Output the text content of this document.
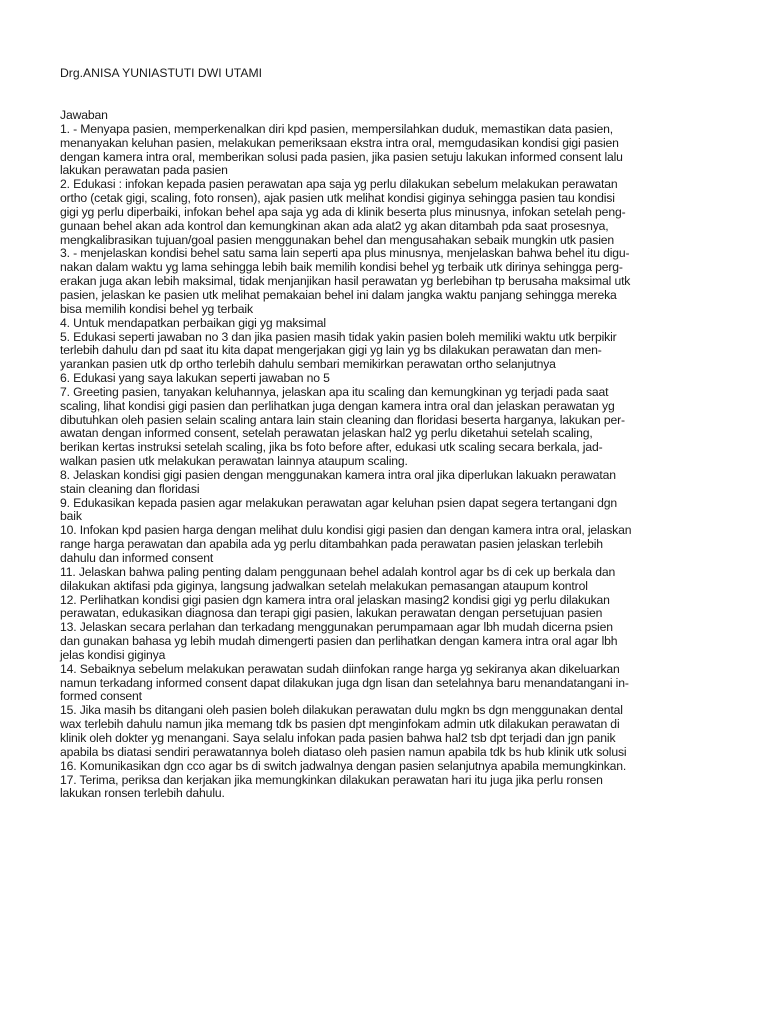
Drg.ANISA YUNIASTUTI DWI UTAMI
Jawaban
1. - Menyapa pasien, memperkenalkan diri kpd pasien, mempersilahkan duduk, memastikan data pasien,
menanyakan keluhan pasien, melakukan pemeriksaan ekstra intra oral, memgudasikan kondisi gigi pasien
dengan kamera intra oral, memberikan solusi pada pasien, jika pasien setuju lakukan informed consent lalu
lakukan perawatan pada pasien
2. Edukasi : infokan kepada pasien perawatan apa saja yg perlu dilakukan sebelum melakukan perawatan
ortho (cetak gigi, scaling, foto ronsen), ajak pasien utk melihat kondisi giginya sehingga pasien tau kondisi
gigi yg perlu diperbaiki, infokan behel apa saja yg ada di klinik beserta plus minusnya, infokan setelah peng-
gunaan behel akan ada kontrol dan kemungkinan akan ada alat2 yg akan ditambah pda saat prosesnya,
mengkalibrasikan tujuan/goal pasien menggunakan behel dan mengusahakan sebaik mungkin utk pasien
3. - menjelaskan kondisi behel satu sama lain seperti apa plus minusnya, menjelaskan bahwa behel itu digu-
nakan dalam waktu yg lama sehingga lebih baik memilih kondisi behel yg terbaik utk dirinya sehingga perg-
erakan juga akan lebih maksimal, tidak menjanjikan hasil perawatan yg berlebihan tp berusaha maksimal utk
pasien, jelaskan ke pasien utk melihat pemakaian behel ini dalam jangka waktu panjang sehingga mereka
bisa memilih kondisi behel yg terbaik
4. Untuk mendapatkan perbaikan gigi yg maksimal
5. Edukasi seperti jawaban no 3 dan jika pasien masih tidak yakin pasien boleh memiliki waktu utk berpikir
terlebih dahulu dan pd saat itu kita dapat mengerjakan gigi yg lain yg bs dilakukan perawatan dan men-
yarankan pasien utk dp ortho terlebih dahulu sembari memikirkan perawatan ortho selanjutnya
6. Edukasi yang saya lakukan seperti jawaban no 5
7. Greeting pasien, tanyakan keluhannya, jelaskan apa itu scaling dan kemungkinan yg terjadi pada saat
scaling, lihat kondisi gigi pasien dan perlihatkan juga dengan kamera intra oral dan jelaskan perawatan yg
dibutuhkan oleh pasien selain scaling antara lain stain cleaning dan floridasi beserta harganya, lakukan per-
awatan dengan informed consent, setelah perawatan jelaskan hal2 yg perlu diketahui setelah scaling,
berikan kertas instruksi setelah scaling, jika bs foto before after, edukasi utk scaling secara berkala, jad-
walkan pasien utk melakukan perawatan lainnya ataupum scaling.
8. Jelaskan kondisi gigi pasien dengan menggunakan kamera intra oral jika diperlukan lakuakn perawatan
stain cleaning dan floridasi
9. Edukasikan kepada pasien agar melakukan perawatan agar keluhan psien dapat segera tertangani dgn
baik
10. Infokan kpd pasien harga dengan melihat dulu kondisi gigi pasien dan dengan kamera intra oral, jelaskan
range harga perawatan dan apabila ada yg perlu ditambahkan pada perawatan pasien jelaskan terlebih
dahulu dan informed consent
11. Jelaskan bahwa paling penting dalam penggunaan behel adalah kontrol agar bs di cek up berkala dan
dilakukan aktifasi pda giginya, langsung jadwalkan setelah melakukan pemasangan ataupum kontrol
12. Perlihatkan kondisi gigi pasien dgn kamera intra oral jelaskan masing2 kondisi gigi yg perlu dilakukan
perawatan, edukasikan diagnosa dan terapi gigi pasien, lakukan perawatan dengan persetujuan pasien
13. Jelaskan secara perlahan dan terkadang menggunakan perumpamaan agar lbh mudah dicerna psien
dan gunakan bahasa yg lebih mudah dimengerti pasien dan perlihatkan dengan kamera intra oral agar lbh
jelas kondisi giginya
14. Sebaiknya sebelum melakukan perawatan sudah diinfokan range harga yg sekiranya akan dikeluarkan
namun terkadang informed consent dapat dilakukan juga dgn lisan dan setelahnya baru menandatangani in-
formed consent
15. Jika masih bs ditangani oleh pasien boleh dilakukan perawatan dulu mgkn bs dgn menggunakan dental
wax terlebih dahulu namun jika memang tdk bs pasien dpt menginfokam admin utk dilakukan perawatan di
klinik oleh dokter yg menangani. Saya selalu infokan pada pasien bahwa hal2 tsb dpt terjadi dan jgn panik
apabila bs diatasi sendiri perawatannya boleh diataso oleh pasien namun apabila tdk bs hub klinik utk solusi
16. Komunikasikan dgn cco agar bs di switch jadwalnya dengan pasien selanjutnya apabila memungkinkan.
17. Terima, periksa dan kerjakan jika memungkinkan dilakukan perawatan hari itu juga jika perlu ronsen
lakukan ronsen terlebih dahulu.
